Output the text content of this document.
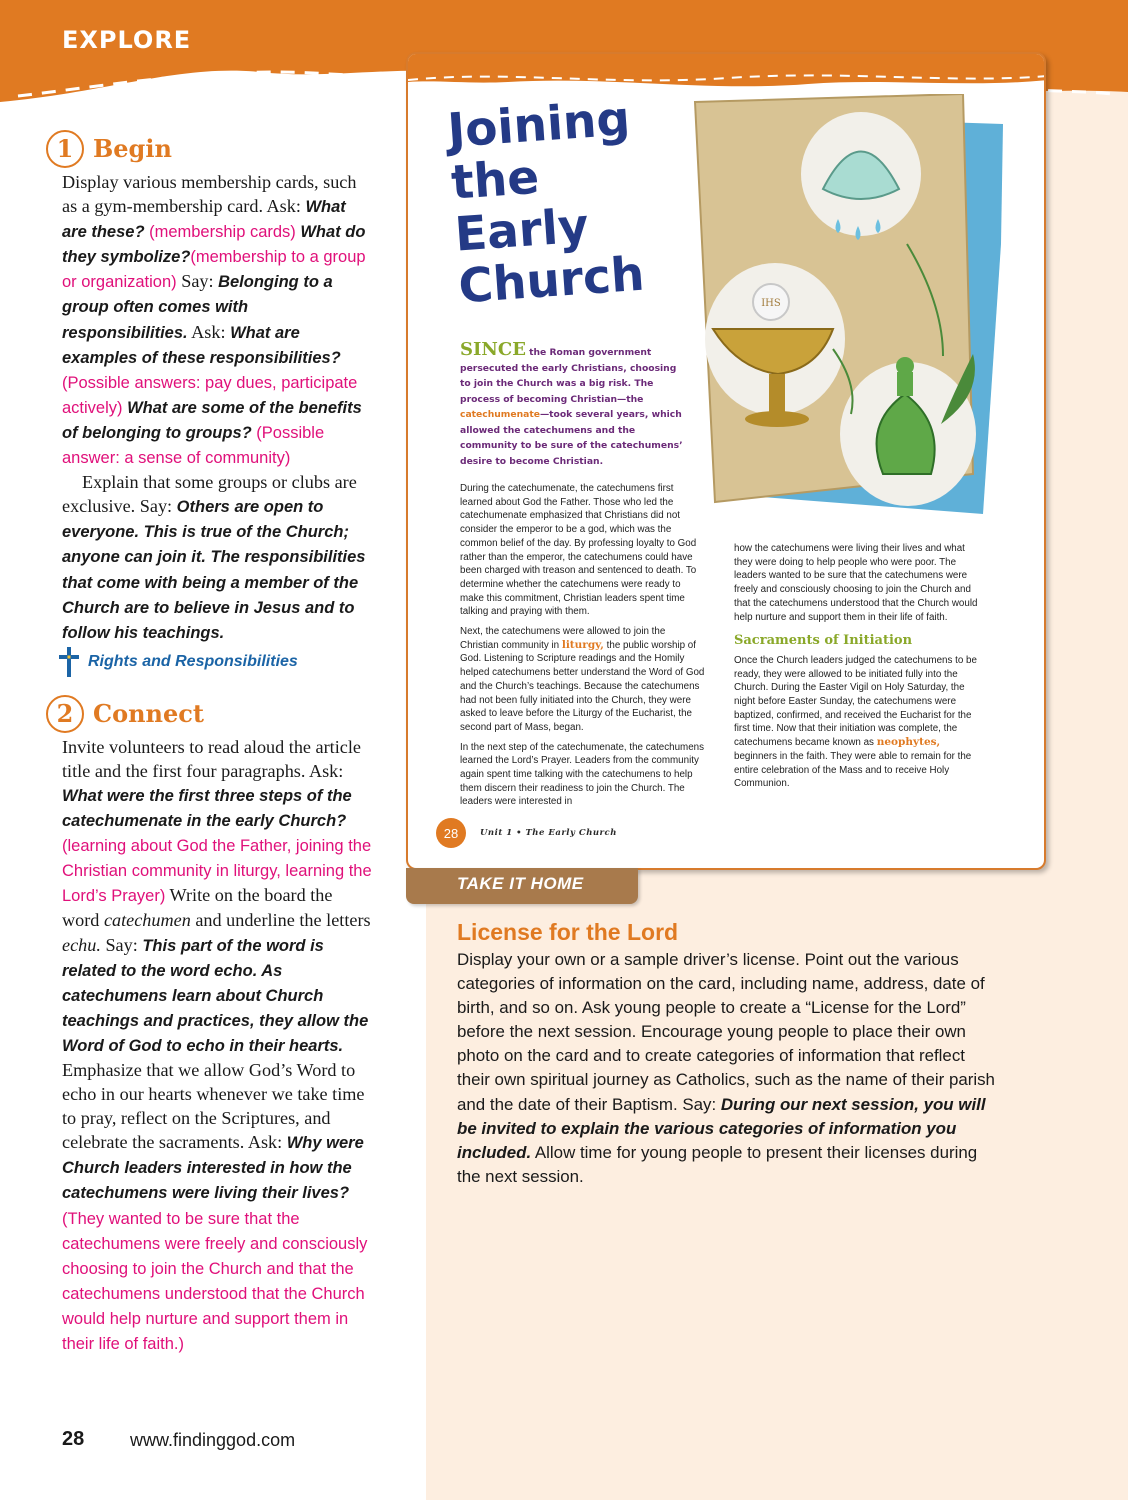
EXPLORE
1 Begin

Display various membership cards, such as a gym-membership card. Ask: What are these? (membership cards) What do they symbolize?(membership to a group or organization) Say: Belonging to a group often comes with responsibilities. Ask: What are examples of these responsibilities? (Possible answers: pay dues, participate actively) What are some of the benefits of belonging to groups? (Possible answer: a sense of community)

Explain that some groups or clubs are exclusive. Say: Others are open to everyone. This is true of the Church; anyone can join it. The responsibilities that come with being a member of the Church are to believe in Jesus and to follow his teachings.

Rights and Responsibilities
2 Connect

Invite volunteers to read aloud the article title and the first four paragraphs. Ask: What were the first three steps of the catechumenate in the early Church? (learning about God the Father, joining the Christian community in liturgy, learning the Lord’s Prayer) Write on the board the word catechumen and underline the letters echu. Say: This part of the word is related to the word echo. As catechumens learn about Church teachings and practices, they allow the Word of God to echo in their hearts. Emphasize that we allow God’s Word to echo in our hearts whenever we take time to pray, reflect on the Scriptures, and celebrate the sacraments. Ask: Why were Church leaders interested in how the catechumens were living their lives? (They wanted to be sure that the catechumens were freely and consciously choosing to join the Church and that the catechumens understood that the Church would help nurture and support them in their life of faith.)

28	www.findinggod.com
Joining
the
Early
Church	IHS
SINCE the Roman government persecuted the early Christians, choosing to join the Church was a big risk. The process of becoming Christian—the catechumenate—took several years, which allowed the catechumens and the community to be sure of the catechumens’ desire to become Christian.

During the catechumenate, the catechumens first learned about God the Father. Those who led the catechumenate emphasized that Christians did not consider the emperor to be a god, which was the common belief of the day. By professing loyalty to God rather than the emperor, the catechumens could have been charged with treason and sentenced to death. To determine whether the catechumens were ready to make this commitment, Christian leaders spent time talking and praying with them.

Next, the catechumens were allowed to join the Christian community in liturgy, the public worship of God. Listening to Scripture readings and the Homily helped catechumens better understand the Word of God and the Church’s teachings. Because the catechumens had not been fully initiated into the Church, they were asked to leave before the Liturgy of the Eucharist, the second part of Mass, began.

In the next step of the catechumenate, the catechumens learned the Lord’s Prayer. Leaders from the community again spent time talking with the catechumens to help them discern their readiness to join the Church. The leaders were interested in

how the catechumens were living their lives and what they were doing to help people who were poor. The leaders wanted to be sure that the catechumens were freely and consciously choosing to join the Church and that the catechumens understood that the Church would help nurture and support them in their life of faith.

Sacraments of Initiation

Once the Church leaders judged the catechumens to be ready, they were allowed to be initiated fully into the Church. During the Easter Vigil on Holy Saturday, the night before Easter Sunday, the catechumens were baptized, confirmed, and received the Eucharist for the first time. Now that their initiation was complete, the catechumens became known as neophytes, beginners in the faith. They were able to remain for the entire celebration of the Mass and to receive Holy Communion.

28	Unit 1 • The Early Church
TAKE IT HOME
License for the Lord

Display your own or a sample driver’s license. Point out the various categories of information on the card, including name, address, date of birth, and so on. Ask young people to create a “License for the Lord” before the next session. Encourage young people to place their own photo on the card and to create categories of information that reflect their own spiritual journey as Catholics, such as the name of their parish and the date of their Baptism. Say: During our next session, you will be invited to explain the various categories of information you included. Allow time for young people to present their licenses during the next session.
